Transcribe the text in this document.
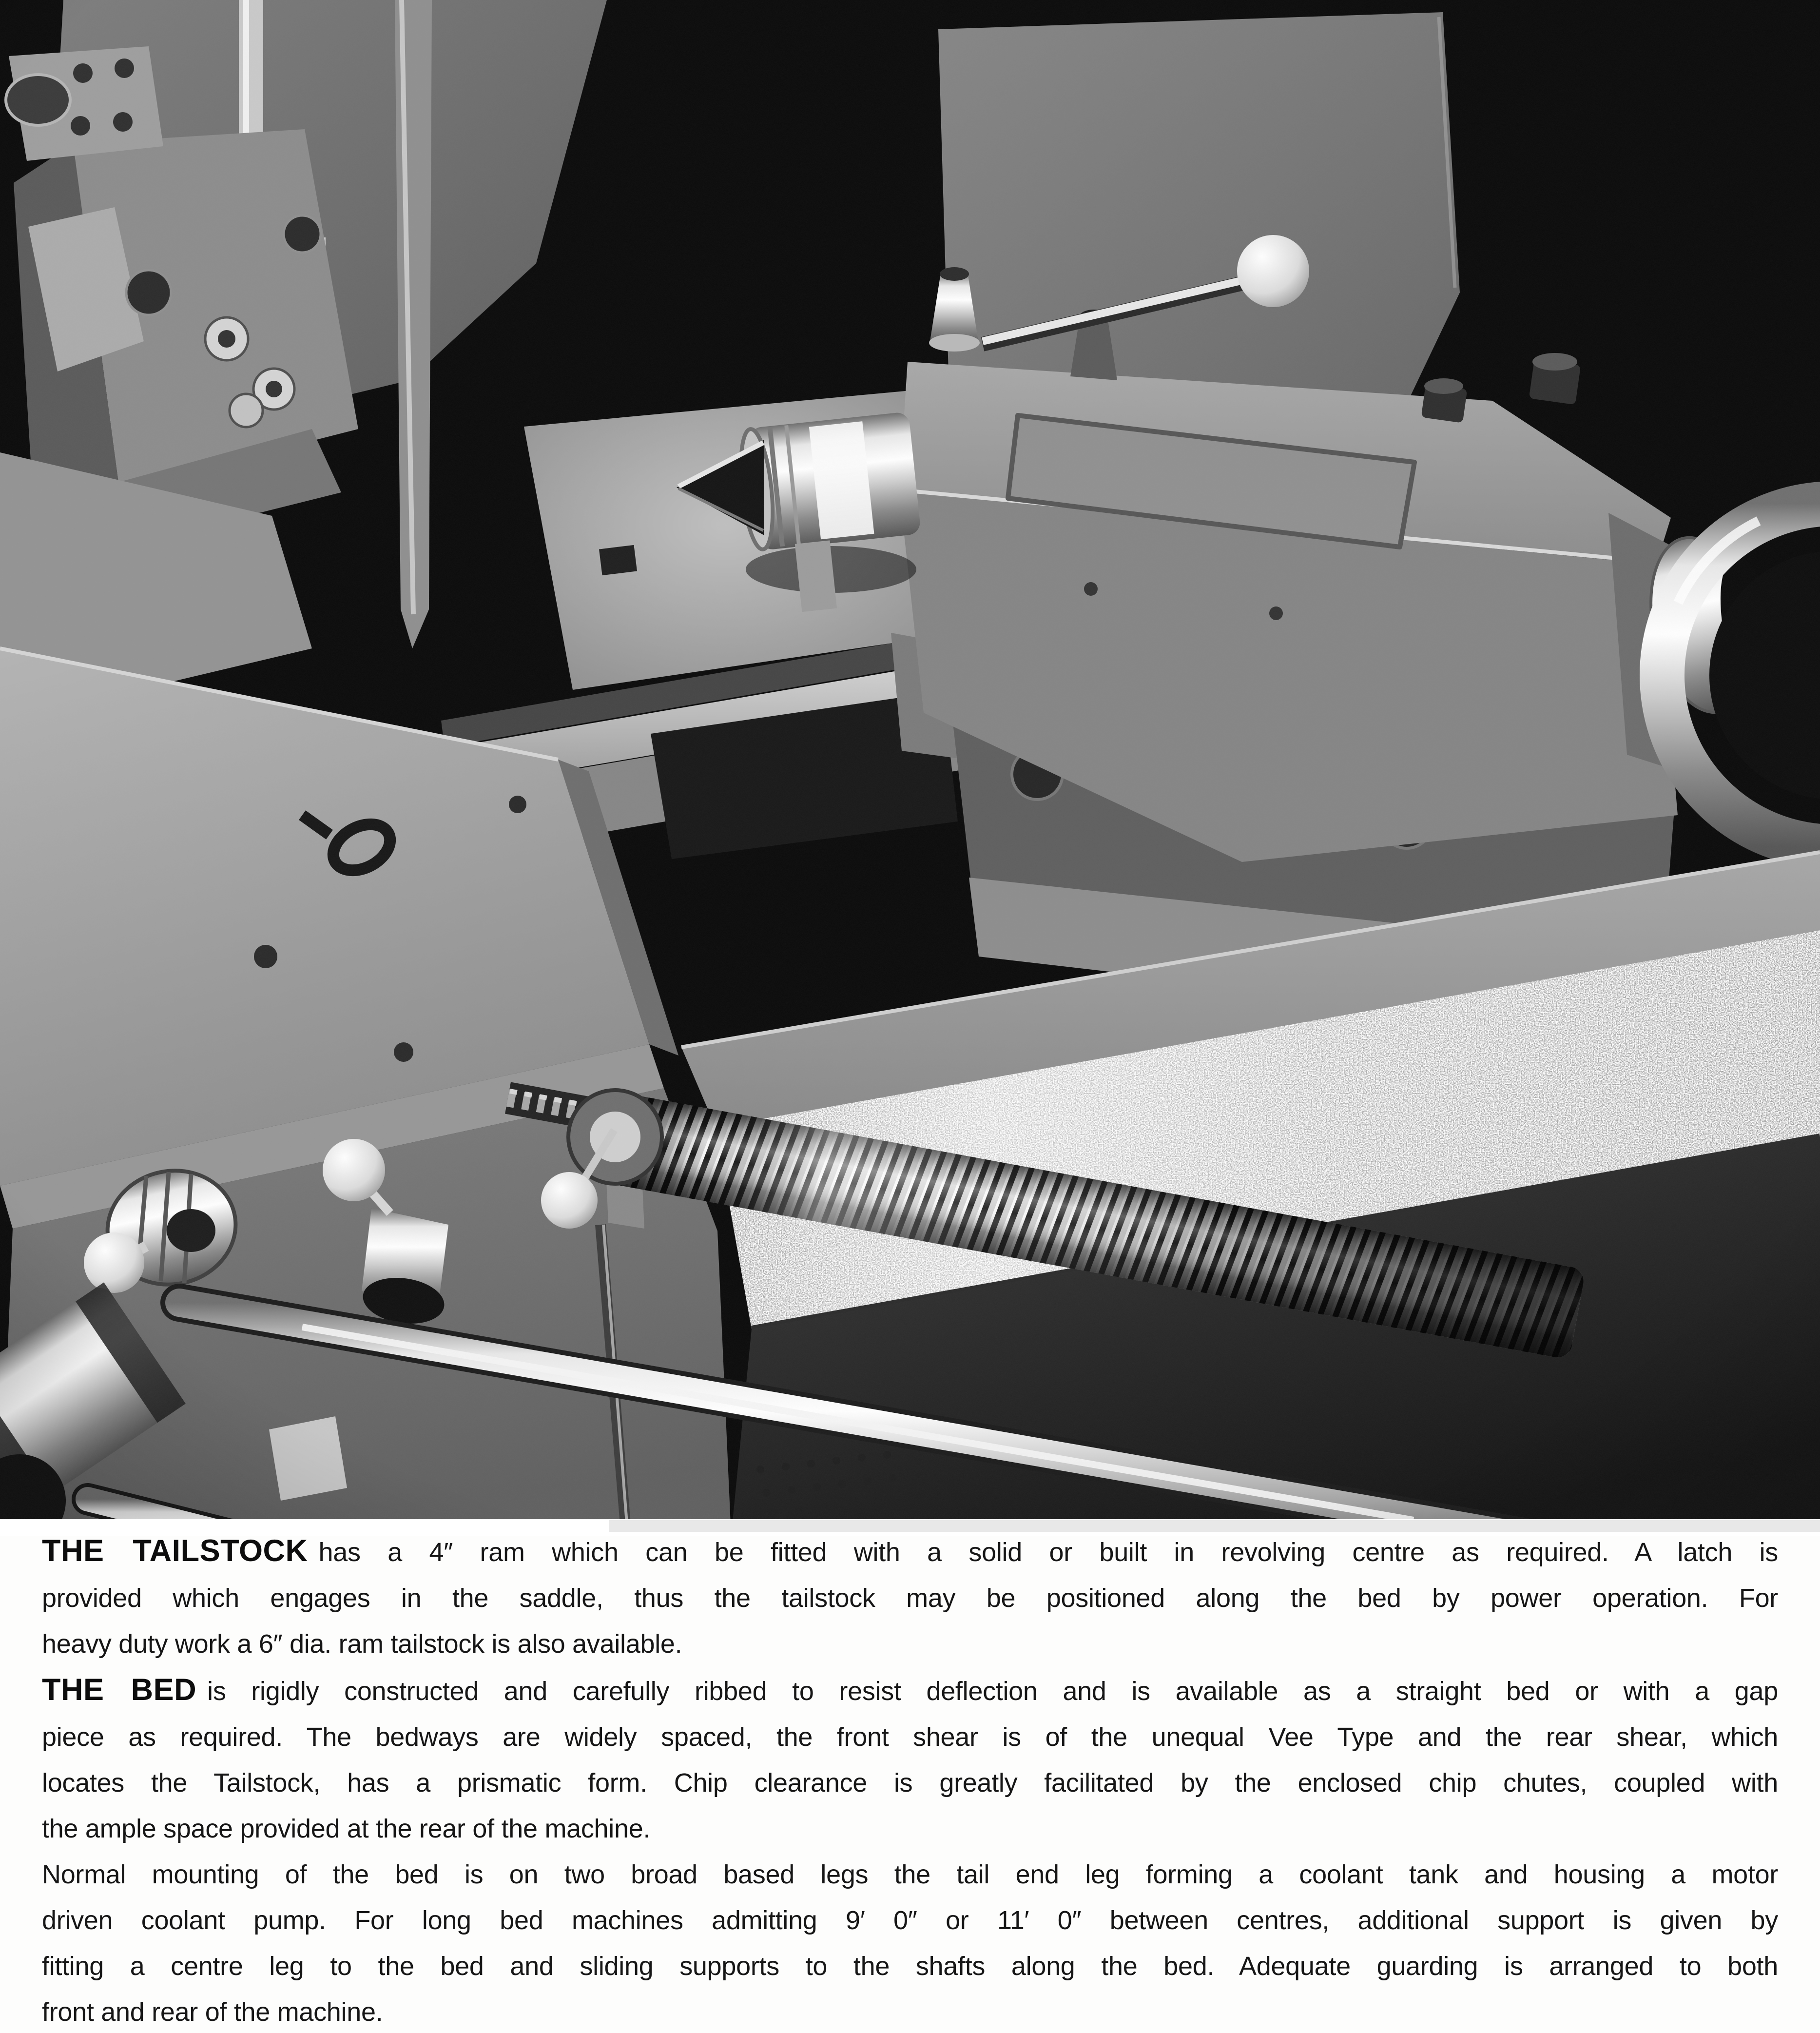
THE TAILSTOCK has a 4″ ram which can be fitted with a solid or built in revolving centre as required. A latch is
provided which engages in the saddle, thus the tailstock may be positioned along the bed by power operation. For
heavy duty work a 6″ dia. ram tailstock is also available.
THE BED is rigidly constructed and carefully ribbed to resist deflection and is available as a straight bed or with a gap
piece as required. The bedways are widely spaced, the front shear is of the unequal Vee Type and the rear shear, which
locates the Tailstock, has a prismatic form. Chip clearance is greatly facilitated by the enclosed chip chutes, coupled with
the ample space provided at the rear of the machine.
Normal mounting of the bed is on two broad based legs the tail end leg forming a coolant tank and housing a motor
driven coolant pump. For long bed machines admitting 9′ 0″ or 11′ 0″ between centres, additional support is given by
fitting a centre leg to the bed and sliding supports to the shafts along the bed. Adequate guarding is arranged to both
front and rear of the machine.
